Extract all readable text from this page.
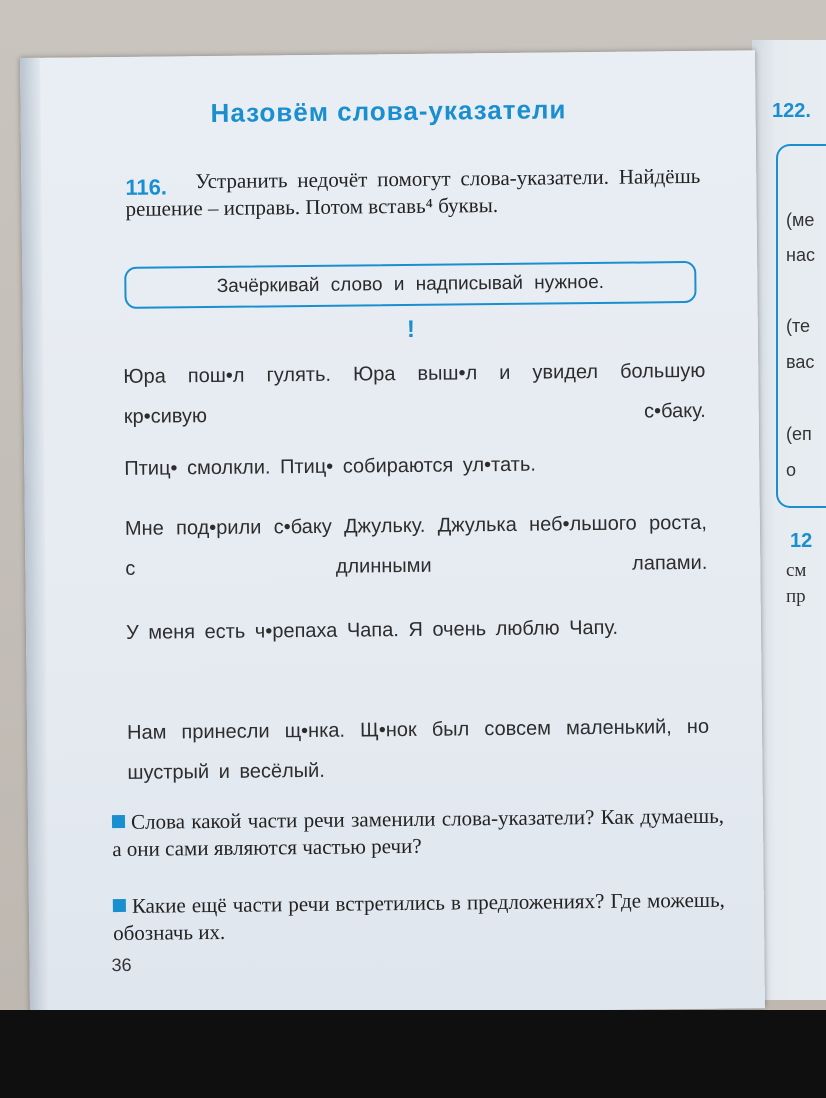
122.
(ме
нас
(те
вас
(еп
о
12
см
пр
Назовём слова-указатели
Устранить недочёт помогут слова-указатели. Найдёшь решение – исправь. Потом вставь⁴ буквы.
116.
Зачёркивай слово и надписывай нужное.
!
Юра пош•л гулять. Юра выш•л и увидел большую кр•сивую с•баку.
Птиц• смолкли. Птиц• собираются ул•тать.
Мне под•рили с•баку Джульку. Джулька неб•льшого роста, с длинными лапами.
У меня есть ч•репаха Чапа. Я очень люблю Чапу.
Нам принесли щ•нка. Щ•нок был совсем маленький, но шустрый и весёлый.
Слова какой части речи заменили слова-указатели? Как думаешь, а они сами являются частью речи?
Какие ещё части речи встретились в предложениях? Где можешь, обозначь их.
36
